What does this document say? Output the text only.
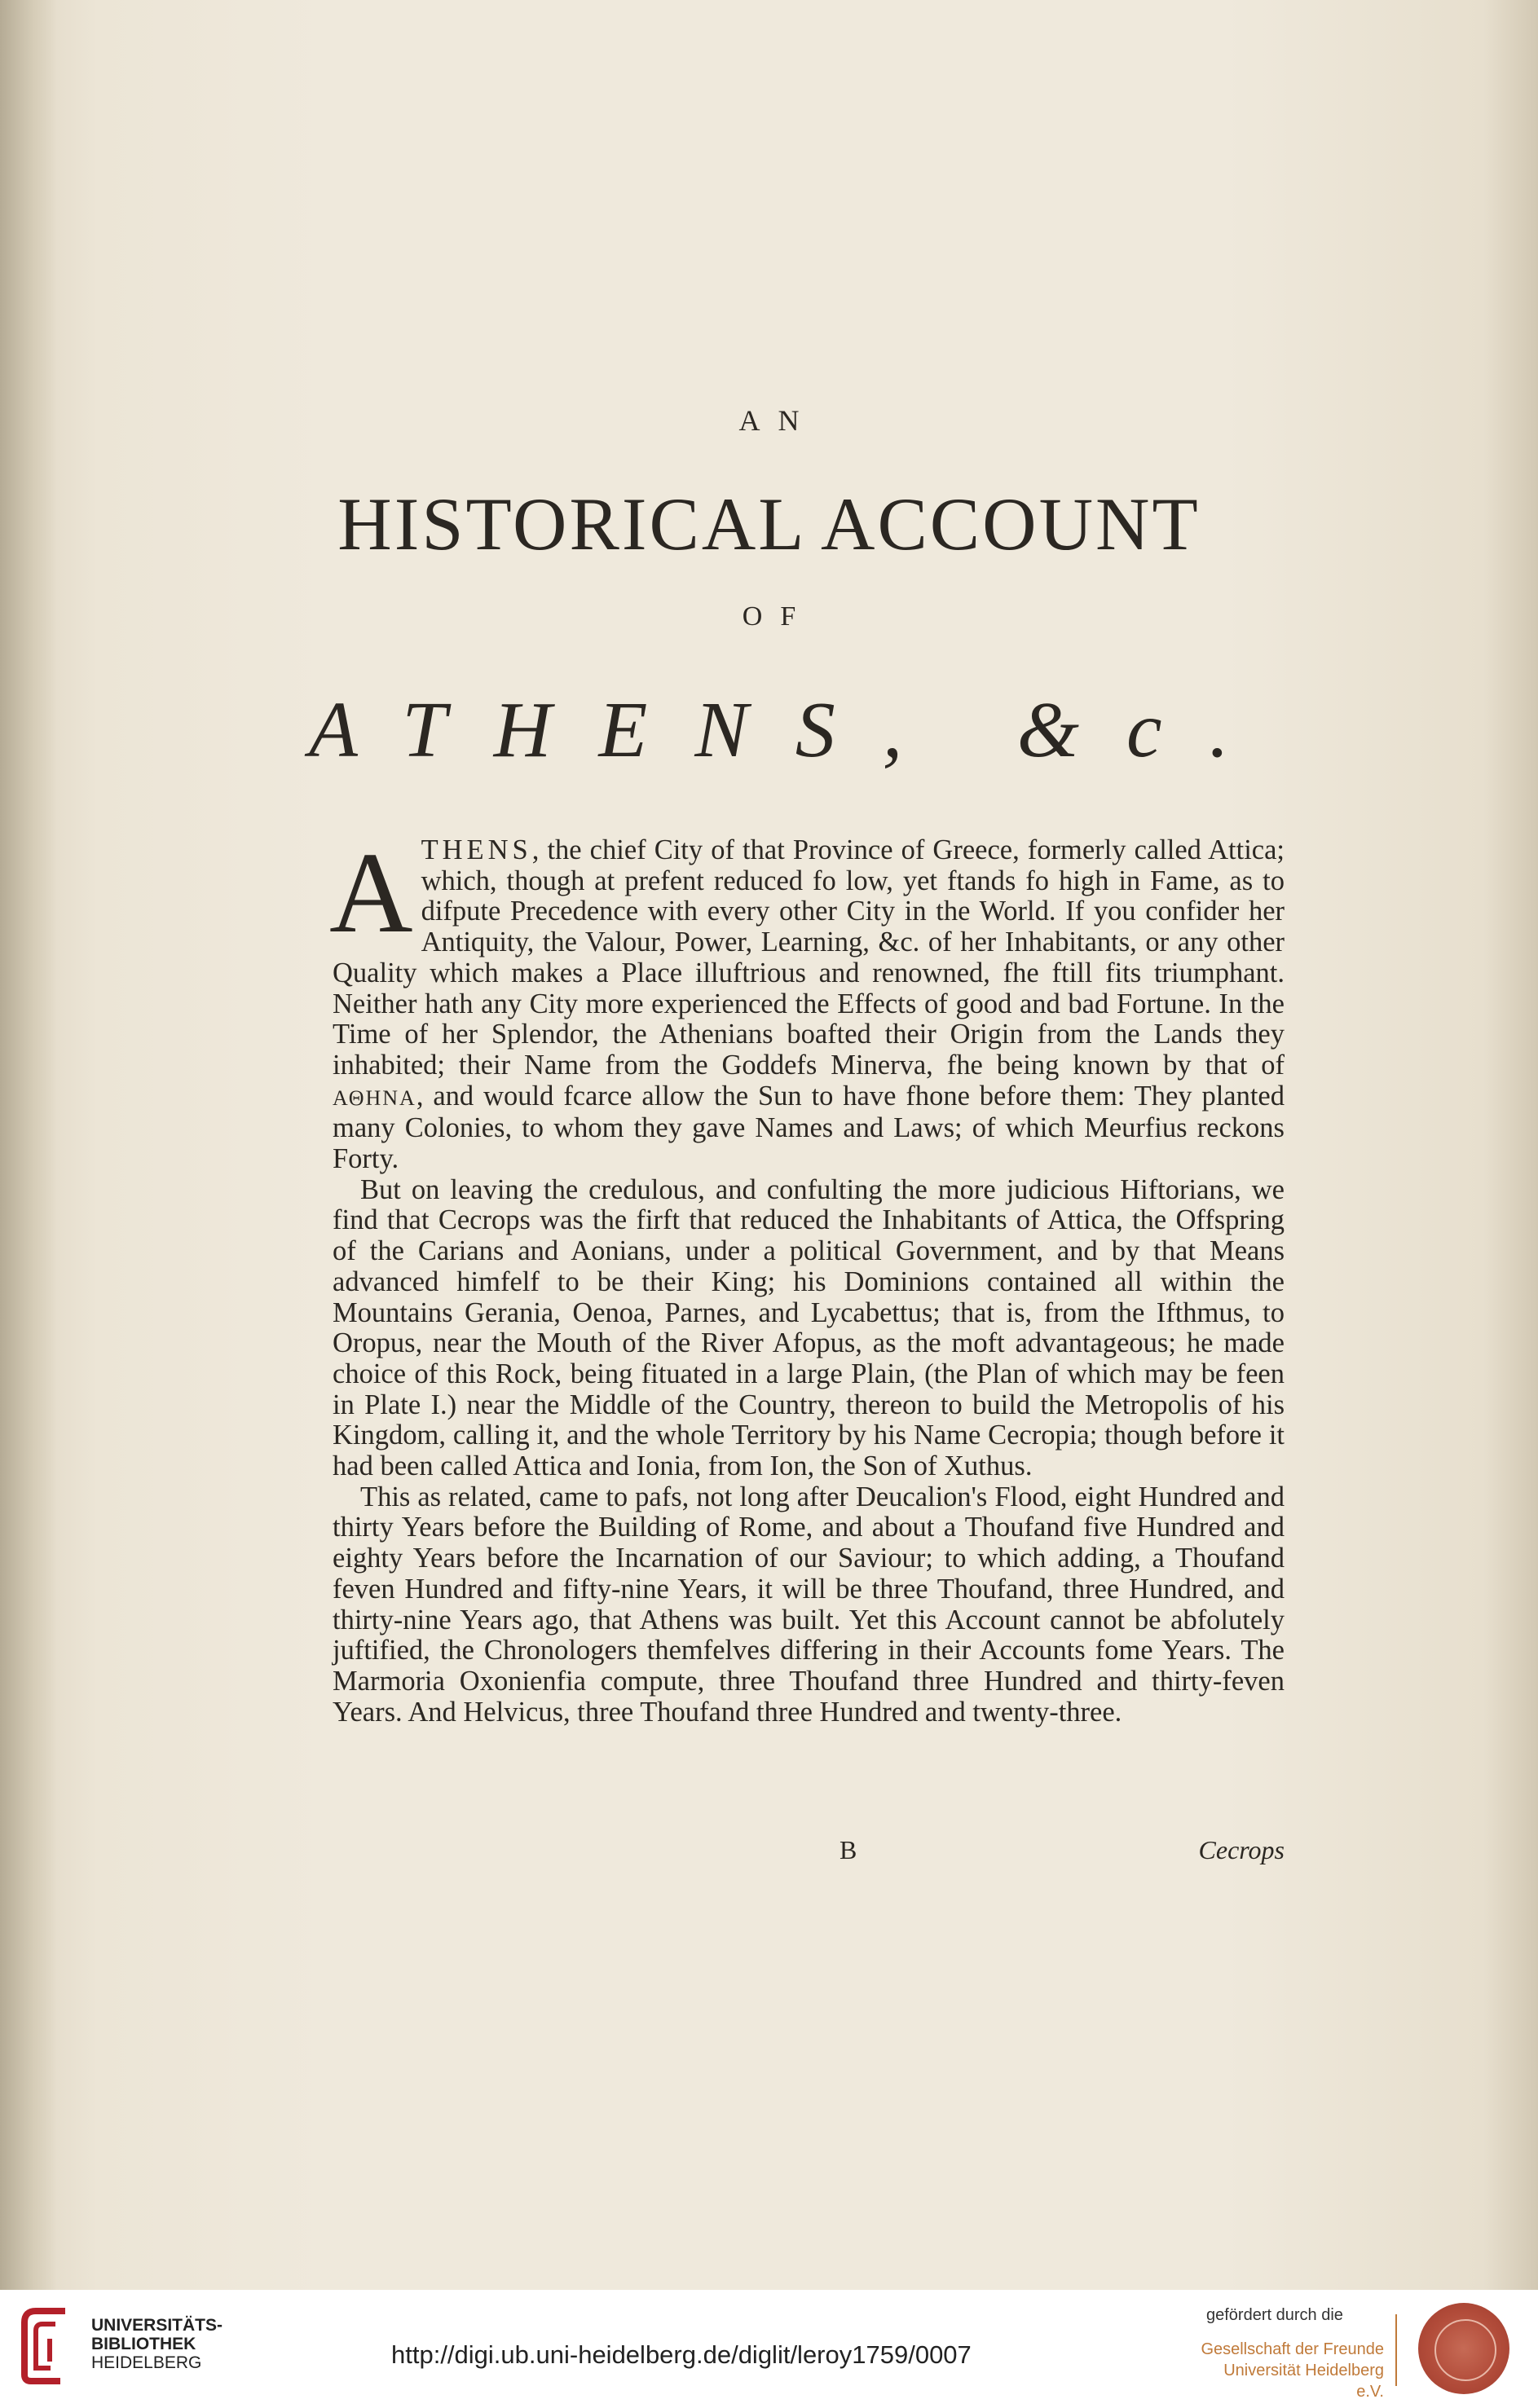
AN
HISTORICAL ACCOUNT
OF
ATHENS, &c.

ATHENS, the chief City of that Province of Greece, formerly called Attica; which, though at prefent reduced fo low, yet ftands fo high in Fame, as to difpute Precedence with every other City in the World. If you confider her Antiquity, the Valour, Power, Learning, &c. of her Inhabitants, or any other Quality which makes a Place illuftrious and renowned, fhe ftill fits triumphant. Neither hath any City more experienced the Effects of good and bad Fortune. In the Time of her Splendor, the Athenians boafted their Origin from the Lands they inhabited; their Name from the Goddefs Minerva, fhe being known by that of ΑΘΗΝΑ, and would fcarce allow the Sun to have fhone before them: They planted many Colonies, to whom they gave Names and Laws; of which Meurfius reckons Forty.

But on leaving the credulous, and confulting the more judicious Hiftorians, we find that Cecrops was the firft that reduced the Inhabitants of Attica, the Offspring of the Carians and Aonians, under a political Government, and by that Means advanced himfelf to be their King; his Dominions contained all within the Mountains Gerania, Oenoa, Parnes, and Lycabettus; that is, from the Ifthmus, to Oropus, near the Mouth of the River Afopus, as the moft advantageous; he made choice of this Rock, being fituated in a large Plain, (the Plan of which may be feen in Plate I.) near the Middle of the Country, thereon to build the Metropolis of his Kingdom, calling it, and the whole Territory by his Name Cecropia; though before it had been called Attica and Ionia, from Ion, the Son of Xuthus.

This as related, came to pafs, not long after Deucalion's Flood, eight Hundred and thirty Years before the Building of Rome, and about a Thoufand five Hundred and eighty Years before the Incarnation of our Saviour; to which adding, a Thoufand feven Hundred and fifty-nine Years, it will be three Thoufand, three Hundred, and thirty-nine Years ago, that Athens was built. Yet this Account cannot be abfolutely juftified, the Chronologers themfelves differing in their Accounts fome Years. The Marmoria Oxonienfia compute, three Thoufand three Hundred and thirty-feven Years. And Helvicus, three Thoufand three Hundred and twenty-three.

B	Cecrops
UNIVERSITÄTS-
BIBLIOTHEK
HEIDELBERG	http://digi.ub.uni-heidelberg.de/diglit/leroy1759/0007
gefördert durch die
Gesellschaft der Freunde
Universität Heidelberg e.V.
